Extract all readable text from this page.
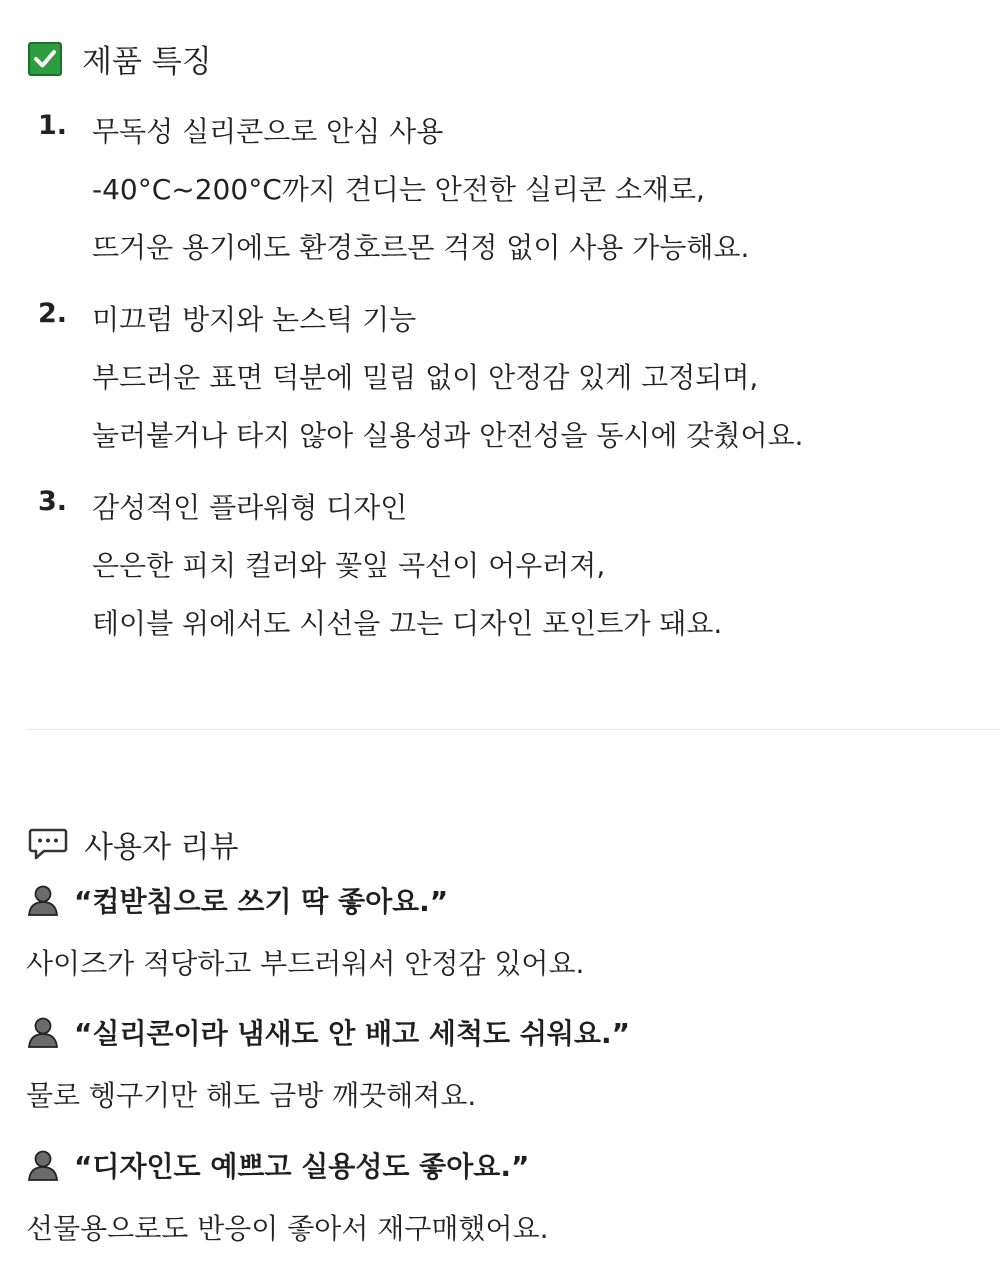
제품 특징
1. 무독성 실리콘으로 안심 사용
-40°C~200°C까지 견디는 안전한 실리콘 소재로,
뜨거운 용기에도 환경호르몬 걱정 없이 사용 가능해요.
2. 미끄럼 방지와 논스틱 기능
부드러운 표면 덕분에 밀림 없이 안정감 있게 고정되며,
눌러붙거나 타지 않아 실용성과 안전성을 동시에 갖췄어요.
3. 감성적인 플라워형 디자인
은은한 피치 컬러와 꽃잎 곡선이 어우러져,
테이블 위에서도 시선을 끄는 디자인 포인트가 돼요.
사용자 리뷰
“컵받침으로 쓰기 딱 좋아요.”
사이즈가 적당하고 부드러워서 안정감 있어요.
“실리콘이라 냄새도 안 배고 세척도 쉬워요.”
물로 헹구기만 해도 금방 깨끗해져요.
“디자인도 예쁘고 실용성도 좋아요.”
선물용으로도 반응이 좋아서 재구매했어요.
